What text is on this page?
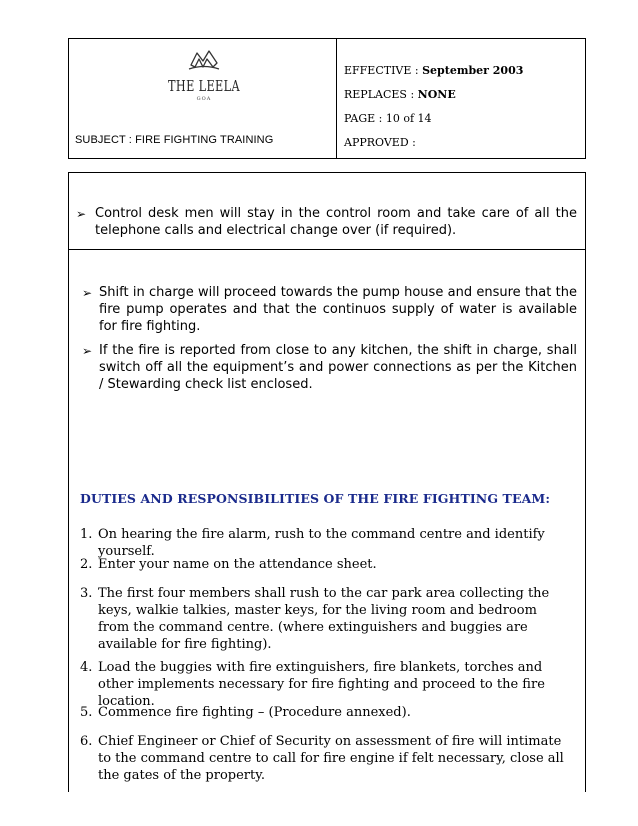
THE LEELA
GOA
SUBJECT : FIRE FIGHTING TRAINING
EFFECTIVE : September 2003
REPLACES : NONE
PAGE : 10 of 14
APPROVED :
➢ Control desk men will stay in the control room and take care of all the telephone calls and electrical change over (if required).
➢ Shift in charge will proceed towards the pump house and ensure that the fire pump operates and that the continuos supply of water is available for fire fighting.
➢ If the fire is reported from close to any kitchen, the shift in charge, shall switch off all the equipment’s and power connections as per the Kitchen / Stewarding check list enclosed.
DUTIES AND RESPONSIBILITIES OF THE FIRE FIGHTING TEAM:
1. On hearing the fire alarm, rush to the command centre and identify yourself.
2. Enter your name on the attendance sheet.
3. The first four members shall rush to the car park area collecting the keys, walkie talkies, master keys, for the living room and bedroom from the command centre. (where extinguishers and buggies are available for fire fighting).
4. Load the buggies with fire extinguishers, fire blankets, torches and other implements necessary for fire fighting and proceed to the fire location.
5. Commence fire fighting – (Procedure annexed).
6. Chief Engineer or Chief of Security on assessment of fire will intimate to the command centre to call for fire engine if felt necessary, close all the gates of the property.
